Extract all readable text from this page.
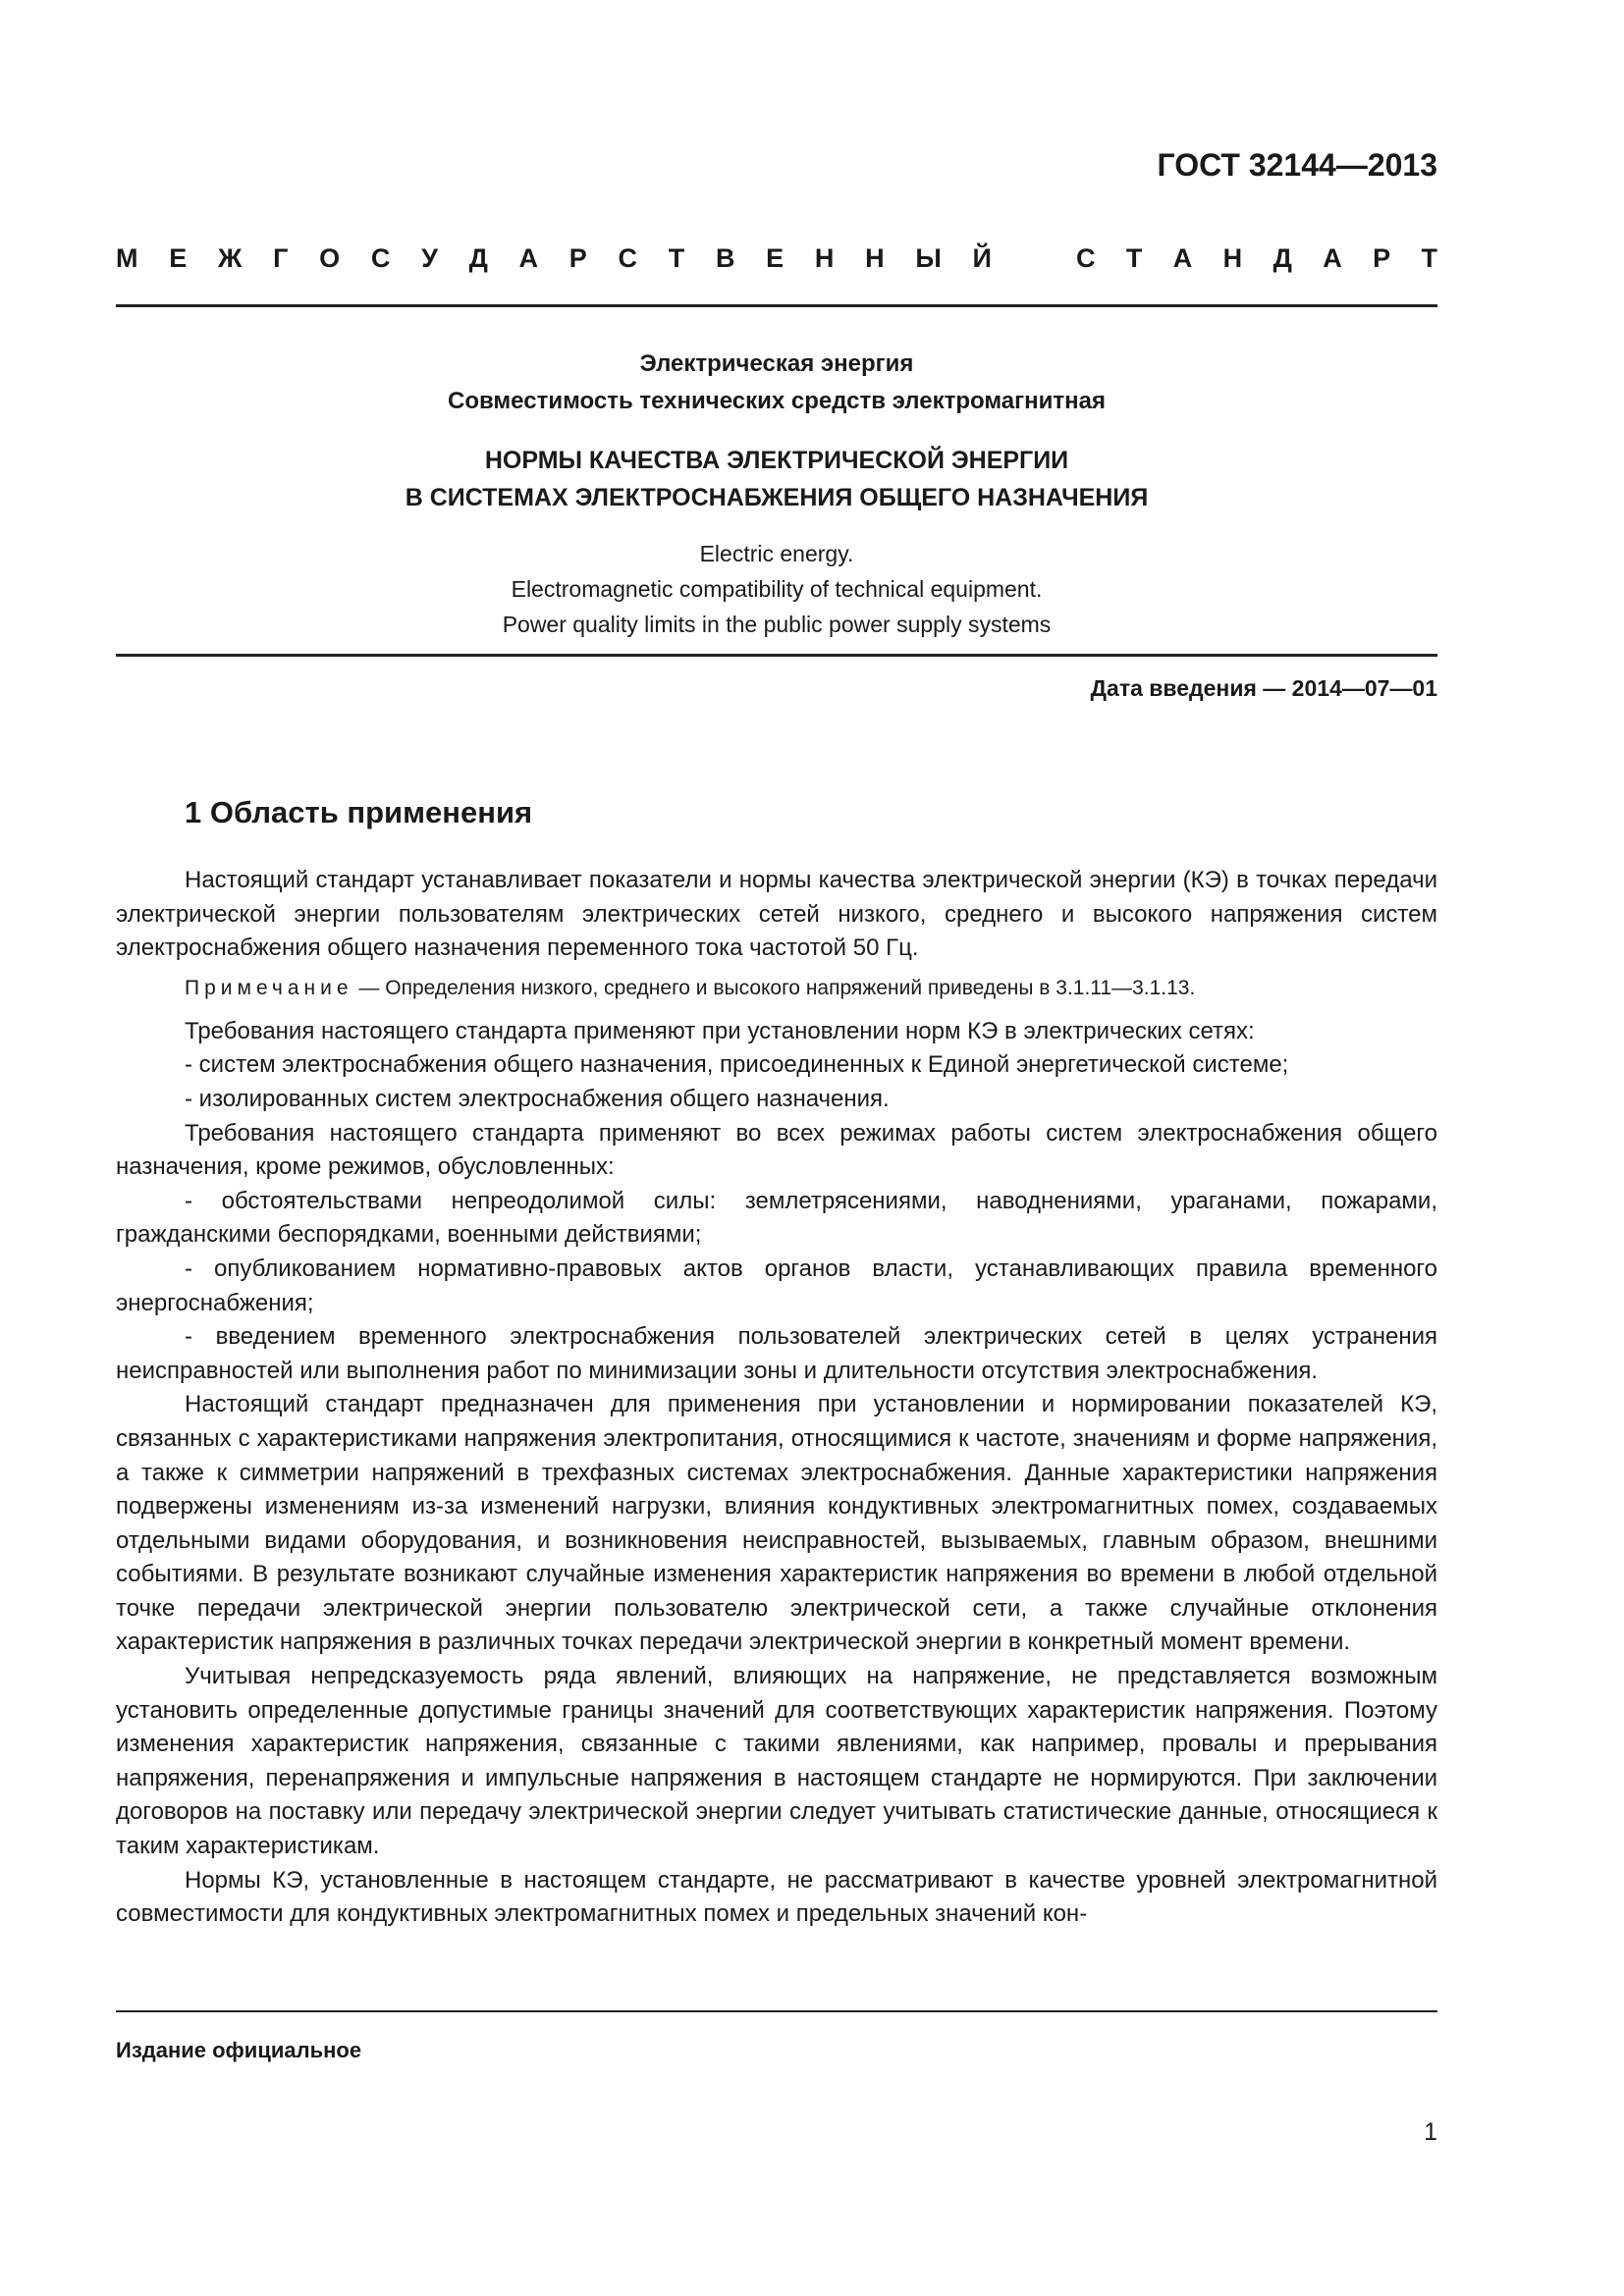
ГОСТ 32144—2013
М Е Ж Г О С У Д А Р С Т В Е Н Н Ы Й	С Т А Н Д А Р Т
Электрическая энергия
Совместимость технических средств электромагнитная
НОРМЫ КАЧЕСТВА ЭЛЕКТРИЧЕСКОЙ ЭНЕРГИИ
В СИСТЕМАХ ЭЛЕКТРОСНАБЖЕНИЯ ОБЩЕГО НАЗНАЧЕНИЯ
Electric energy.
Electromagnetic compatibility of technical equipment.
Power quality limits in the public power supply systems
Дата введения — 2014—07—01
1 Область применения

Настоящий стандарт устанавливает показатели и нормы качества электрической энергии (КЭ) в точках передачи электрической энергии пользователям электрических сетей низкого, среднего и высокого напряжения систем электроснабжения общего назначения переменного тока частотой 50 Гц.

Примечание — Определения низкого, среднего и высокого напряжений приведены в 3.1.11—3.1.13.

Требования настоящего стандарта применяют при установлении норм КЭ в электрических сетях:

- систем электроснабжения общего назначения, присоединенных к Единой энергетической системе;

- изолированных систем электроснабжения общего назначения.

Требования настоящего стандарта применяют во всех режимах работы систем электроснабжения общего назначения, кроме режимов, обусловленных:

- обстоятельствами непреодолимой силы: землетрясениями, наводнениями, ураганами, пожарами, гражданскими беспорядками, военными действиями;

- опубликованием нормативно-правовых актов органов власти, устанавливающих правила временного энергоснабжения;

- введением временного электроснабжения пользователей электрических сетей в целях устранения неисправностей или выполнения работ по минимизации зоны и длительности отсутствия электроснабжения.

Настоящий стандарт предназначен для применения при установлении и нормировании показателей КЭ, связанных с характеристиками напряжения электропитания, относящимися к частоте, значениям и форме напряжения, а также к симметрии напряжений в трехфазных системах электроснабжения. Данные характеристики напряжения подвержены изменениям из-за изменений нагрузки, влияния кондуктивных электромагнитных помех, создаваемых отдельными видами оборудования, и возникновения неисправностей, вызываемых, главным образом, внешними событиями. В результате возникают случайные изменения характеристик напряжения во времени в любой отдельной точке передачи электрической энергии пользователю электрической сети, а также случайные отклонения характеристик напряжения в различных точках передачи электрической энергии в конкретный момент времени.

Учитывая непредсказуемость ряда явлений, влияющих на напряжение, не представляется возможным установить определенные допустимые границы значений для соответствующих характеристик напряжения. Поэтому изменения характеристик напряжения, связанные с такими явлениями, как например, провалы и прерывания напряжения, перенапряжения и импульсные напряжения в настоящем стандарте не нормируются. При заключении договоров на поставку или передачу электрической энергии следует учитывать статистические данные, относящиеся к таким характеристикам.

Нормы КЭ, установленные в настоящем стандарте, не рассматривают в качестве уровней электромагнитной совместимости для кондуктивных электромагнитных помех и предельных значений кон-

Издание официальное
1
